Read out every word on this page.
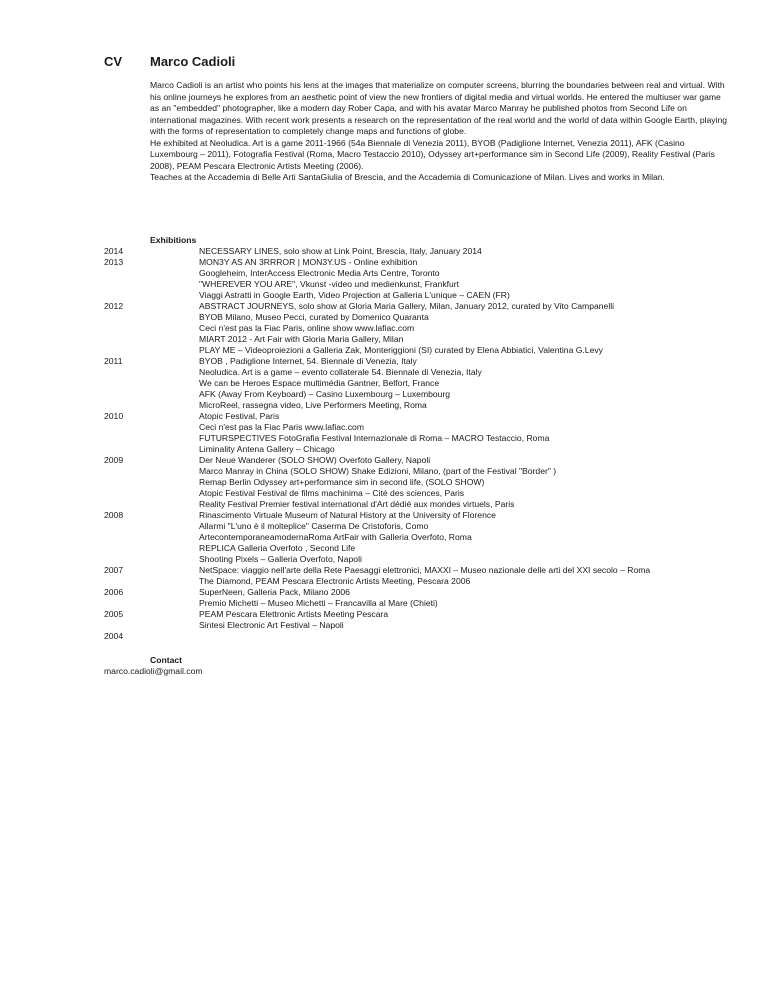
CV Marco Cadioli

Marco Cadioli is an artist who points his lens at the images that materialize on computer screens, blurring the boundaries between real and virtual. With his online journeys he explores from an aesthetic point of view the new frontiers of digital media and virtual worlds. He entered the multiuser war game as an "embedded" photographer, like a modern day Rober Capa, and with his avatar Marco Manray he published photos from Second Life on international magazines. With recent work presents a research on the representation of the real world and the world of data within Google Earth, playing with the forms of representation to completely change maps and functions of globe.

He exhibited at Neoludica. Art is a game 2011-1966 (54a Biennale di Venezia 2011), BYOB (Padiglione Internet, Venezia 2011), AFK (Casino Luxembourg – 2011), Fotografia Festival (Roma, Macro Testaccio 2010), Odyssey art+performance sim in Second Life (2009), Reality Festival (Paris 2008), PEAM Pescara Electronic Artists Meeting (2006).

Teaches at the Accademia di Belle Arti SantaGiulia of Brescia, and the Accademia di Comunicazione of Milan. Lives and works in Milan.

Exhibitions
2014
2013
2012
2011
2010
2009
2008
2007
2006
2005
2004
NECESSARY LINES, solo show at Link Point, Brescia, Italy, January 2014
MON3Y AS AN 3RRROR | MON3Y.US - Online exhibition
Googleheim, InterAccess Electronic Media Arts Centre, Toronto
"WHEREVER YOU ARE", Vkunst -video und medienkunst, Frankfurt
Viaggi Astratti in Google Earth, Video Projection at Galleria L'unique – CAEN (FR)
ABSTRACT JOURNEYS, solo show at Gloria Maria Gallery, Milan, January 2012, curated by Vito Campanelli
BYOB Milano, Museo Pecci, curated by Domenico Quaranta
Ceci n'est pas la Fiac Paris, online show www.lafiac.com
MIART 2012 - Art Fair with Gloria Maria Gallery, Milan
PLAY ME – Videoproiezioni a Galleria Zak, Monteriggioni (SI) curated by Elena Abbiatici, Valentina G.Levy
BYOB , Padiglione Internet, 54. Biennale di Venezia, Italy
Neoludica. Art is a game – evento collaterale 54. Biennale di Venezia, Italy
We can be Heroes Espace multimédia Gantner, Belfort, France
AFK (Away From Keyboard) – Casino Luxembourg – Luxembourg
MicroReel, rassegna video, Live Performers Meeting, Roma
Atopic Festival, Paris
Ceci n'est pas la Fiac Paris www.lafiac.com
FUTURSPECTIVES FotoGrafia Festival Internazionale di Roma – MACRO Testaccio, Roma
Liminality Antena Gallery – Chicago
Der Neue Wanderer (SOLO SHOW) Overfoto Gallery, Napoli
Marco Manray in China (SOLO SHOW) Shake Edizioni, Milano, (part of the Festival "Border" )
Remap Berlin Odyssey art+performance sim in second life, (SOLO SHOW)
Atopic Festival Festival de films machinima – Cité des sciences, Paris
Reality Festival Premier festival international d'Art dédié aux mondes virtuels, Paris
Rinascimento Virtuale Museum of Natural History at the University of Florence
Allarmi "L'uno è il molteplice" Caserma De Cristoforis, Como
ArtecontemporaneamodernaRoma ArtFair with Galleria Overfoto, Roma
REPLICA Galleria Overfoto , Second Life
Shooting Pixels – Galleria Overfoto, Napoli
NetSpace: viaggio nell'arte della Rete Paesaggi elettronici, MAXXI – Museo nazionale delle arti del XXI secolo – Roma
The Diamond, PEAM Pescara Electronic Artists Meeting, Pescara 2006
SuperNeen, Galleria Pack, Milano 2006
Premio Michetti – Museo Michetti – Francavilla al Mare (Chieti)
PEAM Pescara Elettronic Artists Meeting Pescara
Sintesi Electronic Art Festival – Napoli
Contact
marco.cadioli@gmail.com
